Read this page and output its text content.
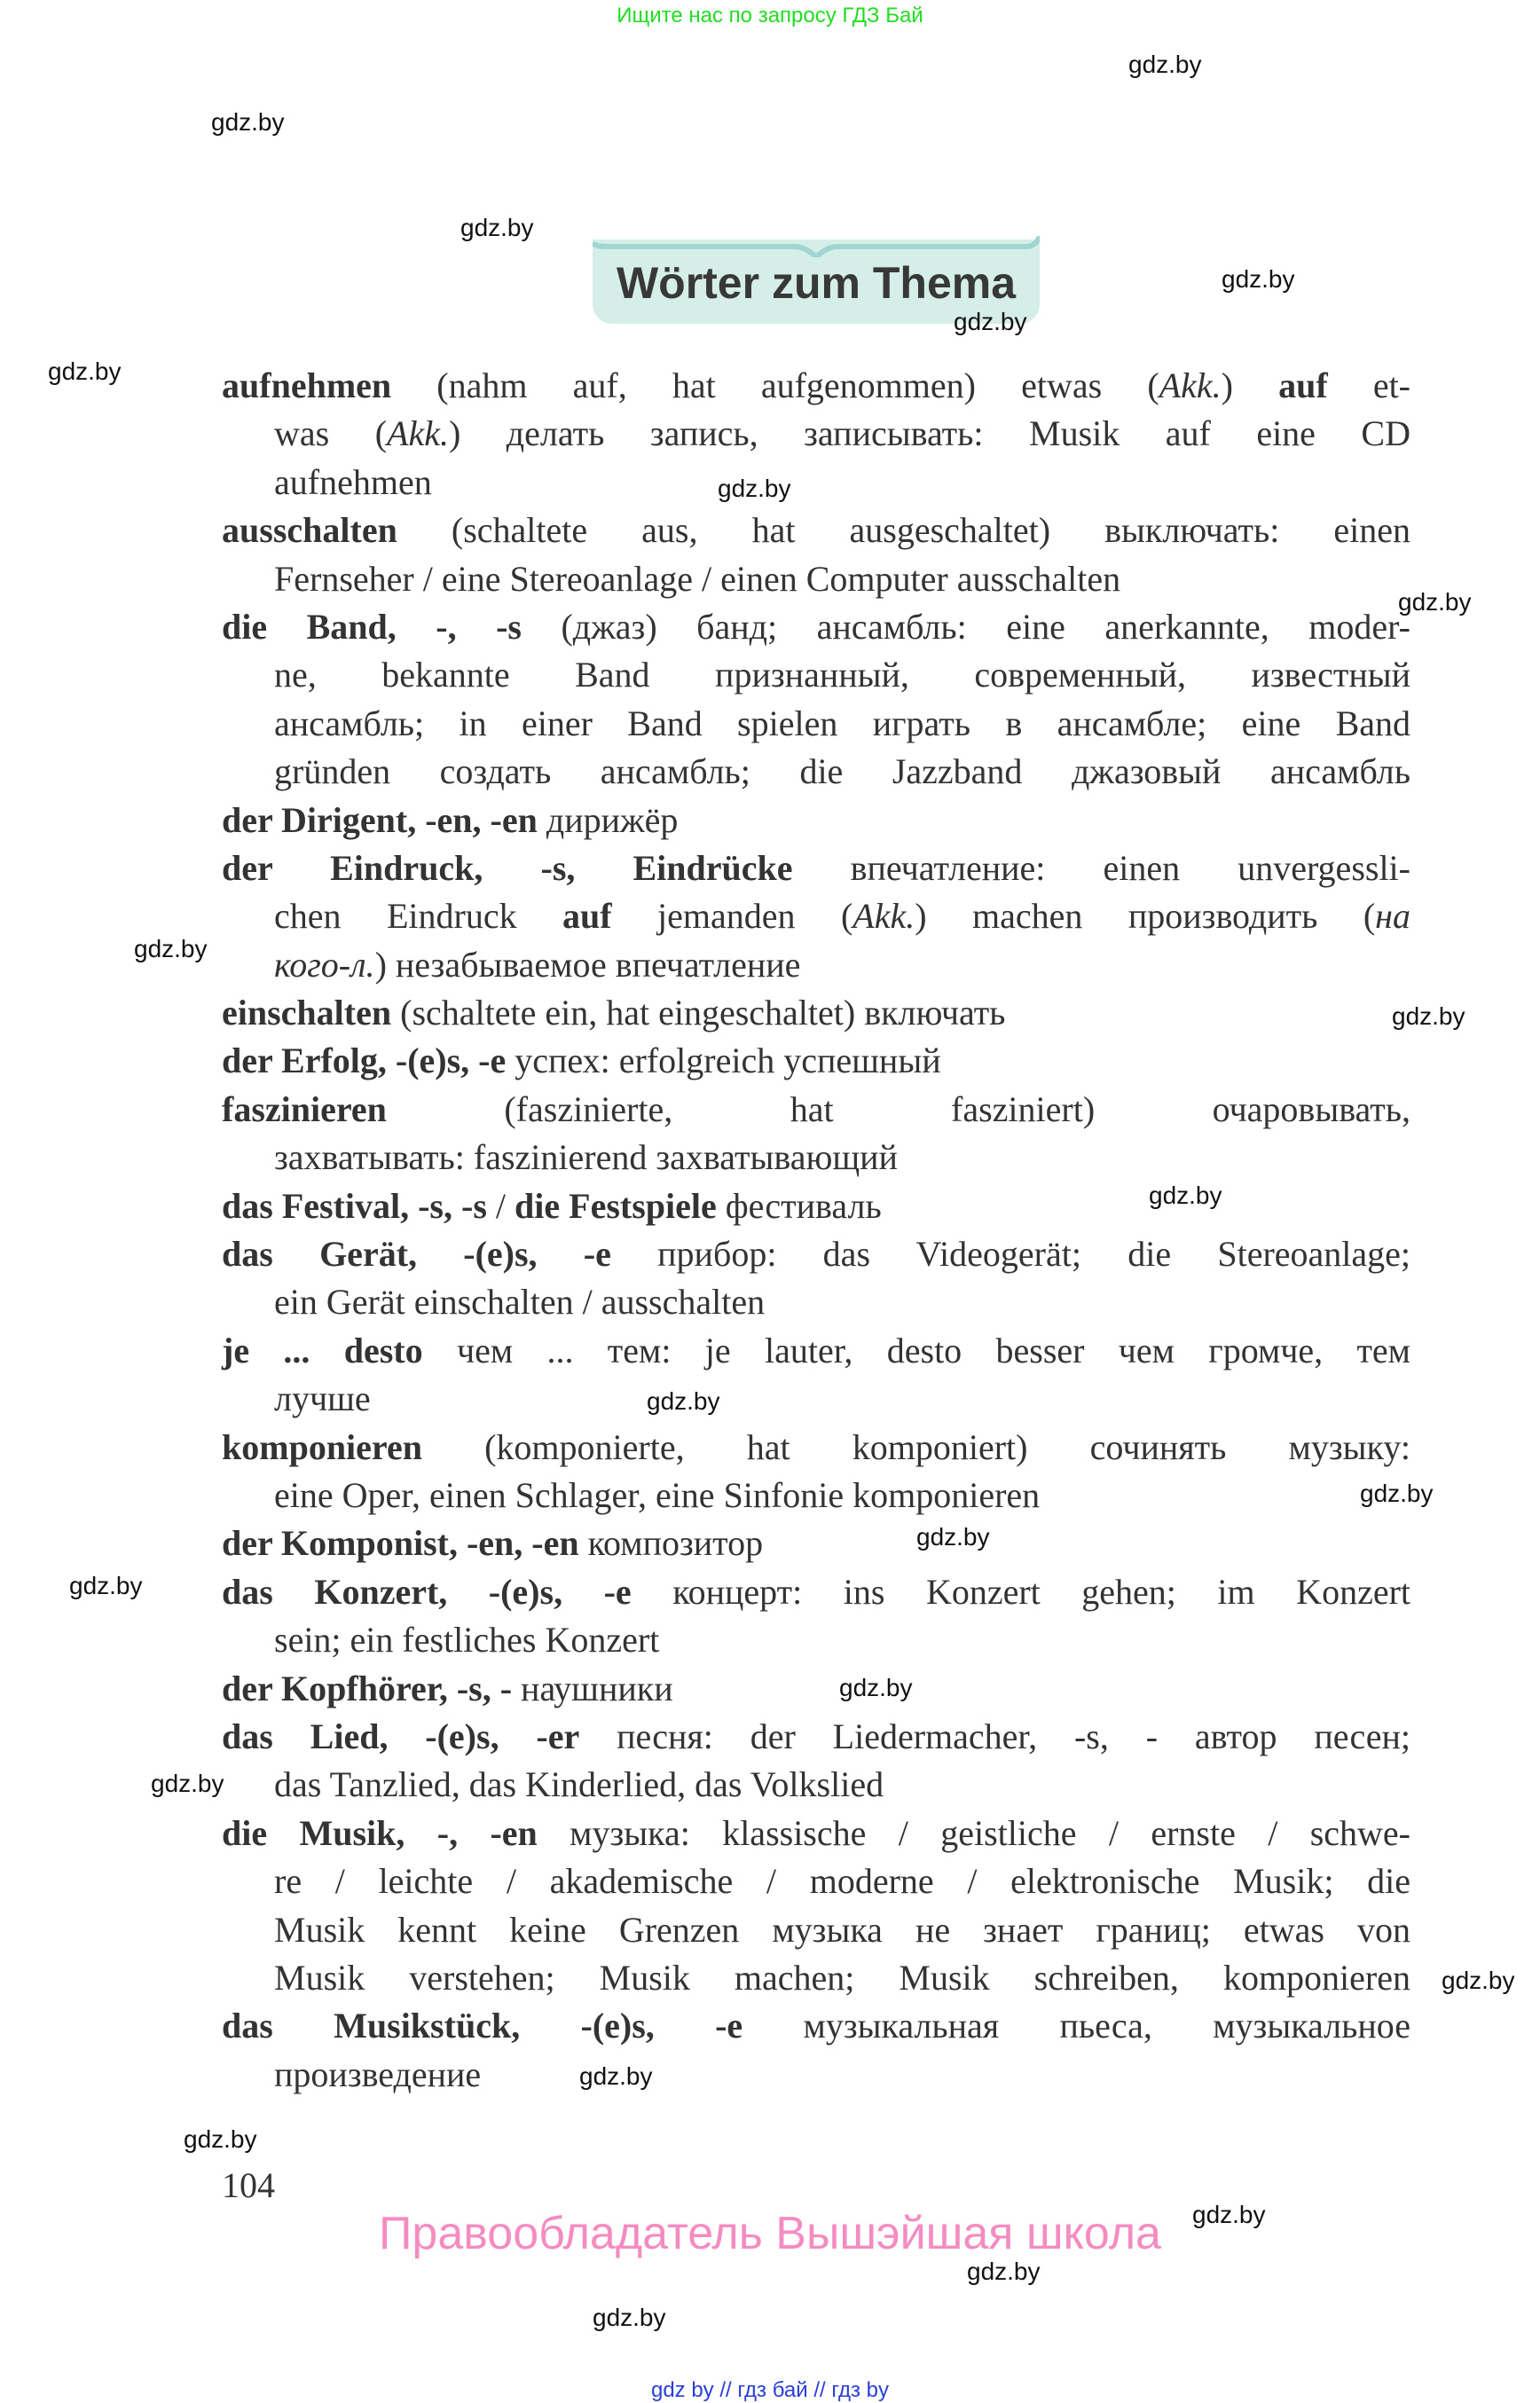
Ищите нас по запросу ГДЗ Бай
Wörter zum Thema
aufnehmen (nahm auf, hat aufgenommen) etwas (Akk.) auf et-
was (Akk.) делать запись, записывать: Musik auf eine CD
aufnehmen
ausschalten (schaltete aus, hat ausgeschaltet) выключать: einen
Fernseher / eine Stereoanlage / einen Computer ausschalten
die Band, -, -s (джаз) банд; ансамбль: eine anerkannte, moder-
ne, bekannte Band признанный, современный, известный
ансамбль; in einer Band spielen играть в ансамбле; eine Band
gründen создать ансамбль; die Jazzband джазовый ансамбль
der Dirigent, -en, -en дирижёр
der Eindruck, -s, Eindrücke впечатление: einen unvergessli-
chen Eindruck auf jemanden (Akk.) machen производить (на
кого-л.) незабываемое впечатление
einschalten (schaltete ein, hat eingeschaltet) включать
der Erfolg, -(e)s, -e успех: erfolgreich успешный
faszinieren (faszinierte, hat fasziniert) очаровывать,
захватывать: faszinierend захватывающий
das Festival, -s, -s / die Festspiele фестиваль
das Gerät, -(e)s, -e прибор: das Videogerät; die Stereoanlage;
ein Gerät einschalten / ausschalten
je ... desto чем ... тем: je lauter, desto besser чем громче, тем
лучше
komponieren (komponierte, hat komponiert) сочинять музыку:
eine Oper, einen Schlager, eine Sinfonie komponieren
der Komponist, -en, -en композитор
das Konzert, -(e)s, -e концерт: ins Konzert gehen; im Konzert
sein; ein festliches Konzert
der Kopfhörer, -s, - наушники
das Lied, -(e)s, -er песня: der Liedermacher, -s, - автор песен;
das Tanzlied, das Kinderlied, das Volkslied
die Musik, -, -en музыка: klassische / geistliche / ernste / schwe-
re / leichte / akademische / moderne / elektronische Musik; die
Musik kennt keine Grenzen музыка не знает границ; etwas von
Musik verstehen; Musik machen; Musik schreiben, komponieren
das Musikstück, -(e)s, -e музыкальная пьеса, музыкальное
произведение
104
Правообладатель Вышэйшая школа
gdz by // гдз бай // гдз by
gdz.by
gdz.by
gdz.by
gdz.by
gdz.by
gdz.by
gdz.by
gdz.by
gdz.by
gdz.by
gdz.by
gdz.by
gdz.by
gdz.by
gdz.by
gdz.by
gdz.by
gdz.by
gdz.by
gdz.by
gdz.by
gdz.by
gdz.by
